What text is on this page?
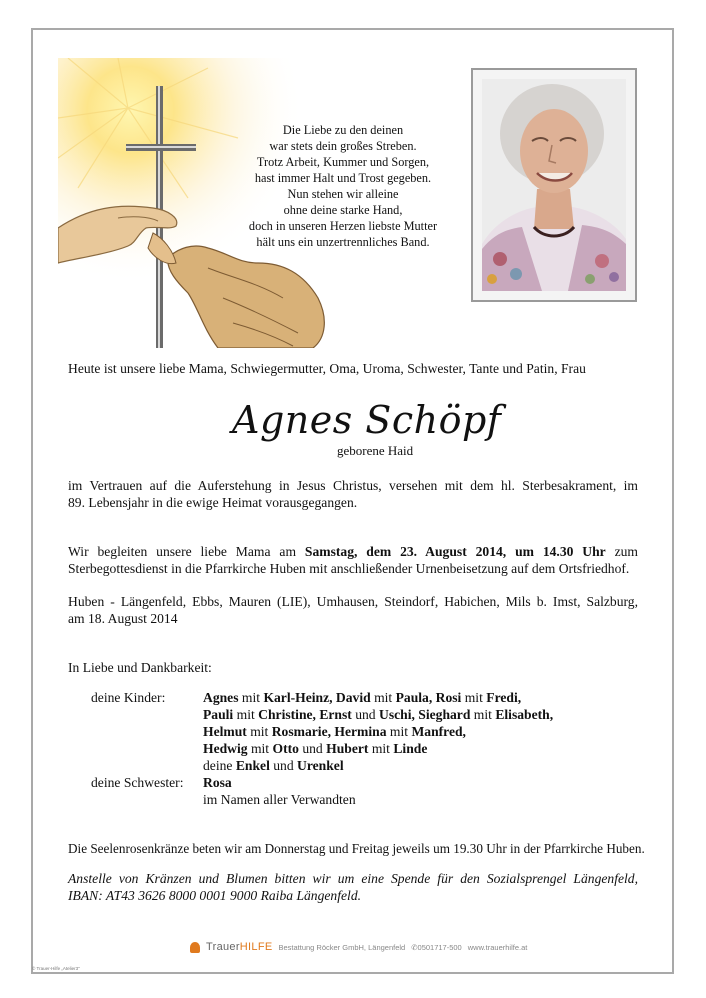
Die Liebe zu den deinen
war stets dein großes Streben.
Trotz Arbeit, Kummer und Sorgen,
hast immer Halt und Trost gegeben.
Nun stehen wir alleine
ohne deine starke Hand,
doch in unseren Herzen liebste Mutter
hält uns ein unzertrennliches Band.
Heute ist unsere liebe Mama, Schwiegermutter, Oma, Uroma, Schwester, Tante und Patin, Frau
Agnes Schöpf
geborene Haid
im Vertrauen auf die Auferstehung in Jesus Christus, versehen mit dem hl. Sterbesakrament, im
89. Lebensjahr in die ewige Heimat vorausgegangen.
Wir begleiten unsere liebe Mama am Samstag, dem 23. August 2014, um 14.30 Uhr zum
Sterbegottesdienst in die Pfarrkirche Huben mit anschließender Urnenbeisetzung auf dem Ortsfriedhof.
Huben - Längenfeld, Ebbs, Mauren (LIE), Umhausen, Steindorf, Habichen, Mils b. Imst, Salzburg,
am 18. August 2014
In Liebe und Dankbarkeit:
deine Kinder:	Agnes mit Karl-Heinz, David mit Paula, Rosi mit Fredi,
Pauli mit Christine, Ernst und Uschi, Sieghard mit Elisabeth,
Helmut mit Rosmarie, Hermina mit Manfred,
Hedwig mit Otto und Hubert mit Linde
deine Enkel und Urenkel
deine Schwester: Rosa
im Namen aller Verwandten
Die Seelenrosenkränze beten wir am Donnerstag und Freitag jeweils um 19.30 Uhr in der Pfarrkirche Huben.
Anstelle von Kränzen und Blumen bitten wir um eine Spende für den Sozialsprengel Längenfeld,
IBAN: AT43 3626 8000 0001 9000 Raiba Längenfeld.
TrauerHILFE Bestattung Röcker GmbH, Längenfeld ✆0501717-500 www.trauerhilfe.at
© Trauer-Hilfe „Atelier3"
